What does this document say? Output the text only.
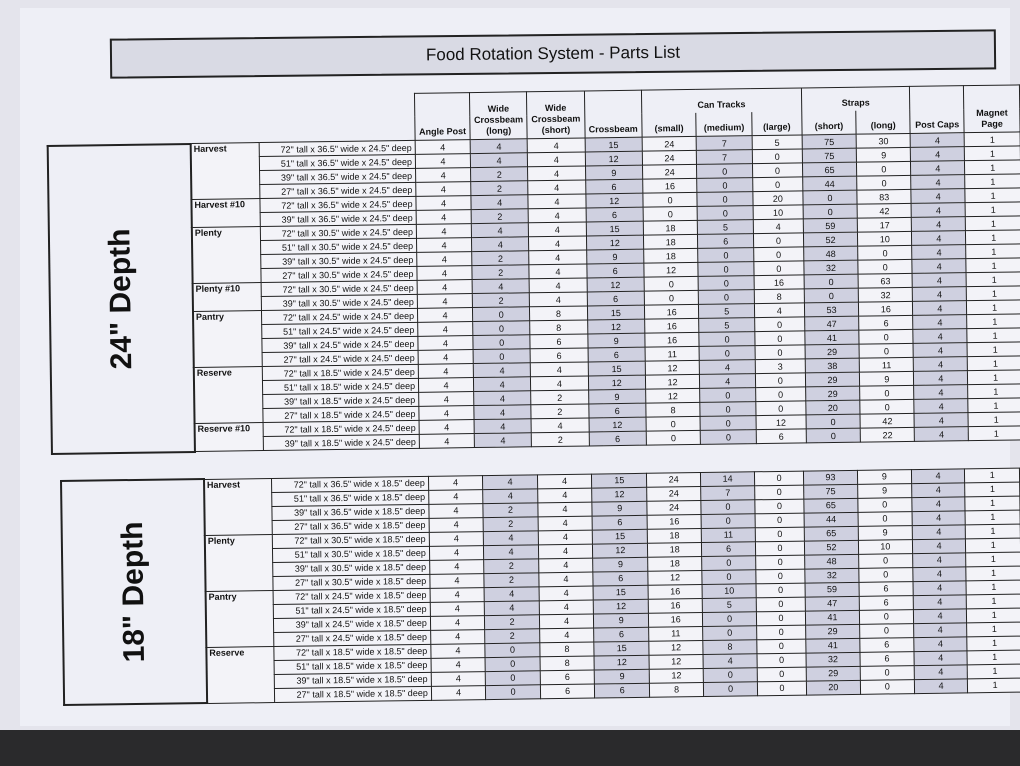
Food Rotation System - Parts List
			Angle Post	Wide Crossbeam (long)	Wide Crossbeam (short)	Crossbeam	Can Tracks			Straps		Post Caps	Magnet Page
							(small)	(medium)	(large)	(short)	(long)		
24" Depth	Harvest	72" tall x 36.5" wide x 24.5" deep	4	4	4	15	24	7	5	75	30	4	1
		51" tall x 36.5" wide x 24.5" deep	4	4	4	12	24	7	0	75	9	4	1
		39" tall x 36.5" wide x 24.5" deep	4	2	4	9	24	0	0	65	0	4	1
		27" tall x 36.5" wide x 24.5" deep	4	2	4	6	16	0	0	44	0	4	1
	Harvest #10	72" tall x 36.5" wide x 24.5" deep	4	4	4	12	0	0	20	0	83	4	1
		39" tall x 36.5" wide x 24.5" deep	4	2	4	6	0	0	10	0	42	4	1
	Plenty	72" tall x 30.5" wide x 24.5" deep	4	4	4	15	18	5	4	59	17	4	1
		51" tall x 30.5" wide x 24.5" deep	4	4	4	12	18	6	0	52	10	4	1
		39" tall x 30.5" wide x 24.5" deep	4	2	4	9	18	0	0	48	0	4	1
		27" tall x 30.5" wide x 24.5" deep	4	2	4	6	12	0	0	32	0	4	1
	Plenty #10	72" tall x 30.5" wide x 24.5" deep	4	4	4	12	0	0	16	0	63	4	1
		39" tall x 30.5" wide x 24.5" deep	4	2	4	6	0	0	8	0	32	4	1
	Pantry	72" tall x 24.5" wide x 24.5" deep	4	0	8	15	16	5	4	53	16	4	1
		51" tall x 24.5" wide x 24.5" deep	4	0	8	12	16	5	0	47	6	4	1
		39" tall x 24.5" wide x 24.5" deep	4	0	6	9	16	0	0	41	0	4	1
		27" tall x 24.5" wide x 24.5" deep	4	0	6	6	11	0	0	29	0	4	1
	Reserve	72" tall x 18.5" wide x 24.5" deep	4	4	4	15	12	4	3	38	11	4	1
		51" tall x 18.5" wide x 24.5" deep	4	4	4	12	12	4	0	29	9	4	1
		39" tall x 18.5" wide x 24.5" deep	4	4	2	9	12	0	0	29	0	4	1
		27" tall x 18.5" wide x 24.5" deep	4	4	2	6	8	0	0	20	0	4	1
	Reserve #10	72" tall x 18.5" wide x 24.5" deep	4	4	4	12	0	0	12	0	42	4	1
		39" tall x 18.5" wide x 24.5" deep	4	4	2	6	0	0	6	0	22	4	1
18" Depth	Harvest	72" tall x 36.5" wide x 18.5" deep	4	4	4	15	24	14	0	93	9	4	1
		51" tall x 36.5" wide x 18.5" deep	4	4	4	12	24	7	0	75	9	4	1
		39" tall x 36.5" wide x 18.5" deep	4	2	4	9	24	0	0	65	0	4	1
		27" tall x 36.5" wide x 18.5" deep	4	2	4	6	16	0	0	44	0	4	1
	Plenty	72" tall x 30.5" wide x 18.5" deep	4	4	4	15	18	11	0	65	9	4	1
		51" tall x 30.5" wide x 18.5" deep	4	4	4	12	18	6	0	52	10	4	1
		39" tall x 30.5" wide x 18.5" deep	4	2	4	9	18	0	0	48	0	4	1
		27" tall x 30.5" wide x 18.5" deep	4	2	4	6	12	0	0	32	0	4	1
	Pantry	72" tall x 24.5" wide x 18.5" deep	4	4	4	15	16	10	0	59	6	4	1
		51" tall x 24.5" wide x 18.5" deep	4	4	4	12	16	5	0	47	6	4	1
		39" tall x 24.5" wide x 18.5" deep	4	2	4	9	16	0	0	41	0	4	1
		27" tall x 24.5" wide x 18.5" deep	4	2	4	6	11	0	0	29	0	4	1
	Reserve	72" tall x 18.5" wide x 18.5" deep	4	0	8	15	12	8	0	41	6	4	1
		51" tall x 18.5" wide x 18.5" deep	4	0	8	12	12	4	0	32	6	4	1
		39" tall x 18.5" wide x 18.5" deep	4	0	6	9	12	0	0	29	0	4	1
		27" tall x 18.5" wide x 18.5" deep	4	0	6	6	8	0	0	20	0	4	1
